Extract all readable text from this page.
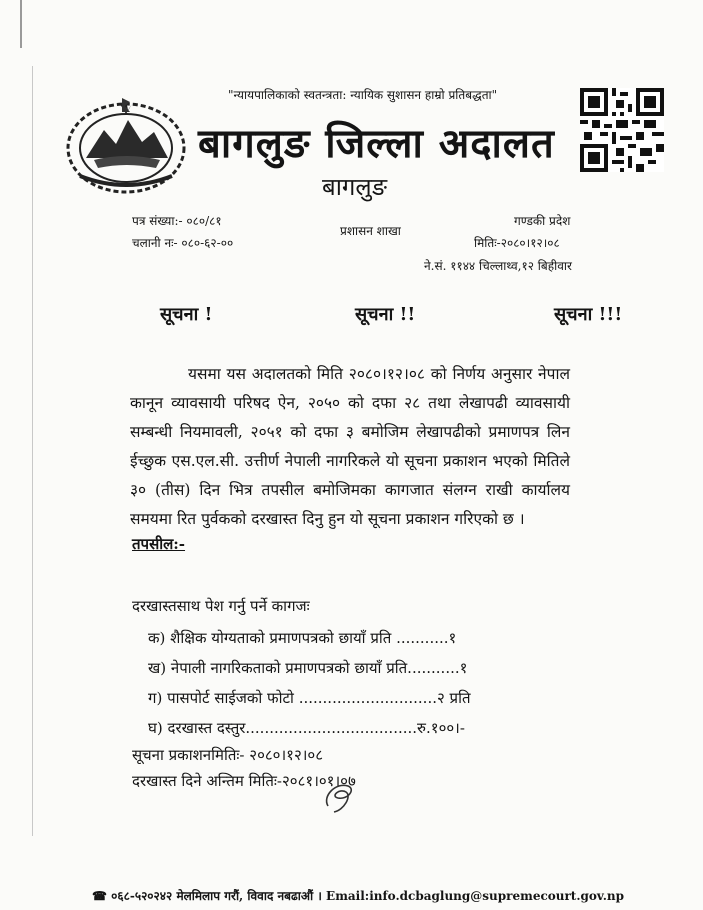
"न्यायपालिकाको स्वतन्त्रता: न्यायिक सुशासन हाम्रो प्रतिबद्धता"
बागलुङ जिल्ला अदालत
बागलुङ
पत्र संख्या:- ०८०/८१
चलानी नः- ०८०-६२-००
प्रशासन शाखा
गण्डकी प्रदेश
मितिः-२०८०।१२।०८
ने.सं. ११४४ चिल्लाथ्व,१२ बिहीवार
सूचना !	सूचना !!	सूचना !!!
यसमा यस अदालतको मिति २०८०।१२।०८ को निर्णय अनुसार नेपाल कानून व्यावसायी परिषद ऐन, २०५० को दफा २८ तथा लेखापढी व्यावसायी सम्बन्धी नियमावली, २०५१ को दफा ३ बमोजिम लेखापढीको प्रमाणपत्र लिन ईच्छुक एस.एल.सी. उत्तीर्ण नेपाली नागरिकले यो सूचना प्रकाशन भएको मितिले ३० (तीस) दिन भित्र तपसील बमोजिमका कागजात संलग्न राखी कार्यालय समयमा रित पुर्वकको दरखास्त दिनु हुन यो सूचना प्रकाशन गरिएको छ ।
तपसील:-
दरखास्तसाथ पेश गर्नु पर्ने कागजः
क) शैक्षिक योग्यताको प्रमाणपत्रको छायाँ प्रति ...........१
ख) नेपाली नागरिकताको प्रमाणपत्रको छायाँ प्रति...........१
ग) पासपोर्ट साईजको फोटो .............................२ प्रति
घ) दरखास्त दस्तुर....................................रु.१००।-
सूचना प्रकाशनमितिः- २०८०।१२।०८
दरखास्त दिने अन्तिम मितिः-२०८१।०१।०७
☎ ०६८-५२०२४२ मेलमिलाप गरौं, विवाद नबढाऔं । Email:info.dcbaglung@supremecourt.gov.np
